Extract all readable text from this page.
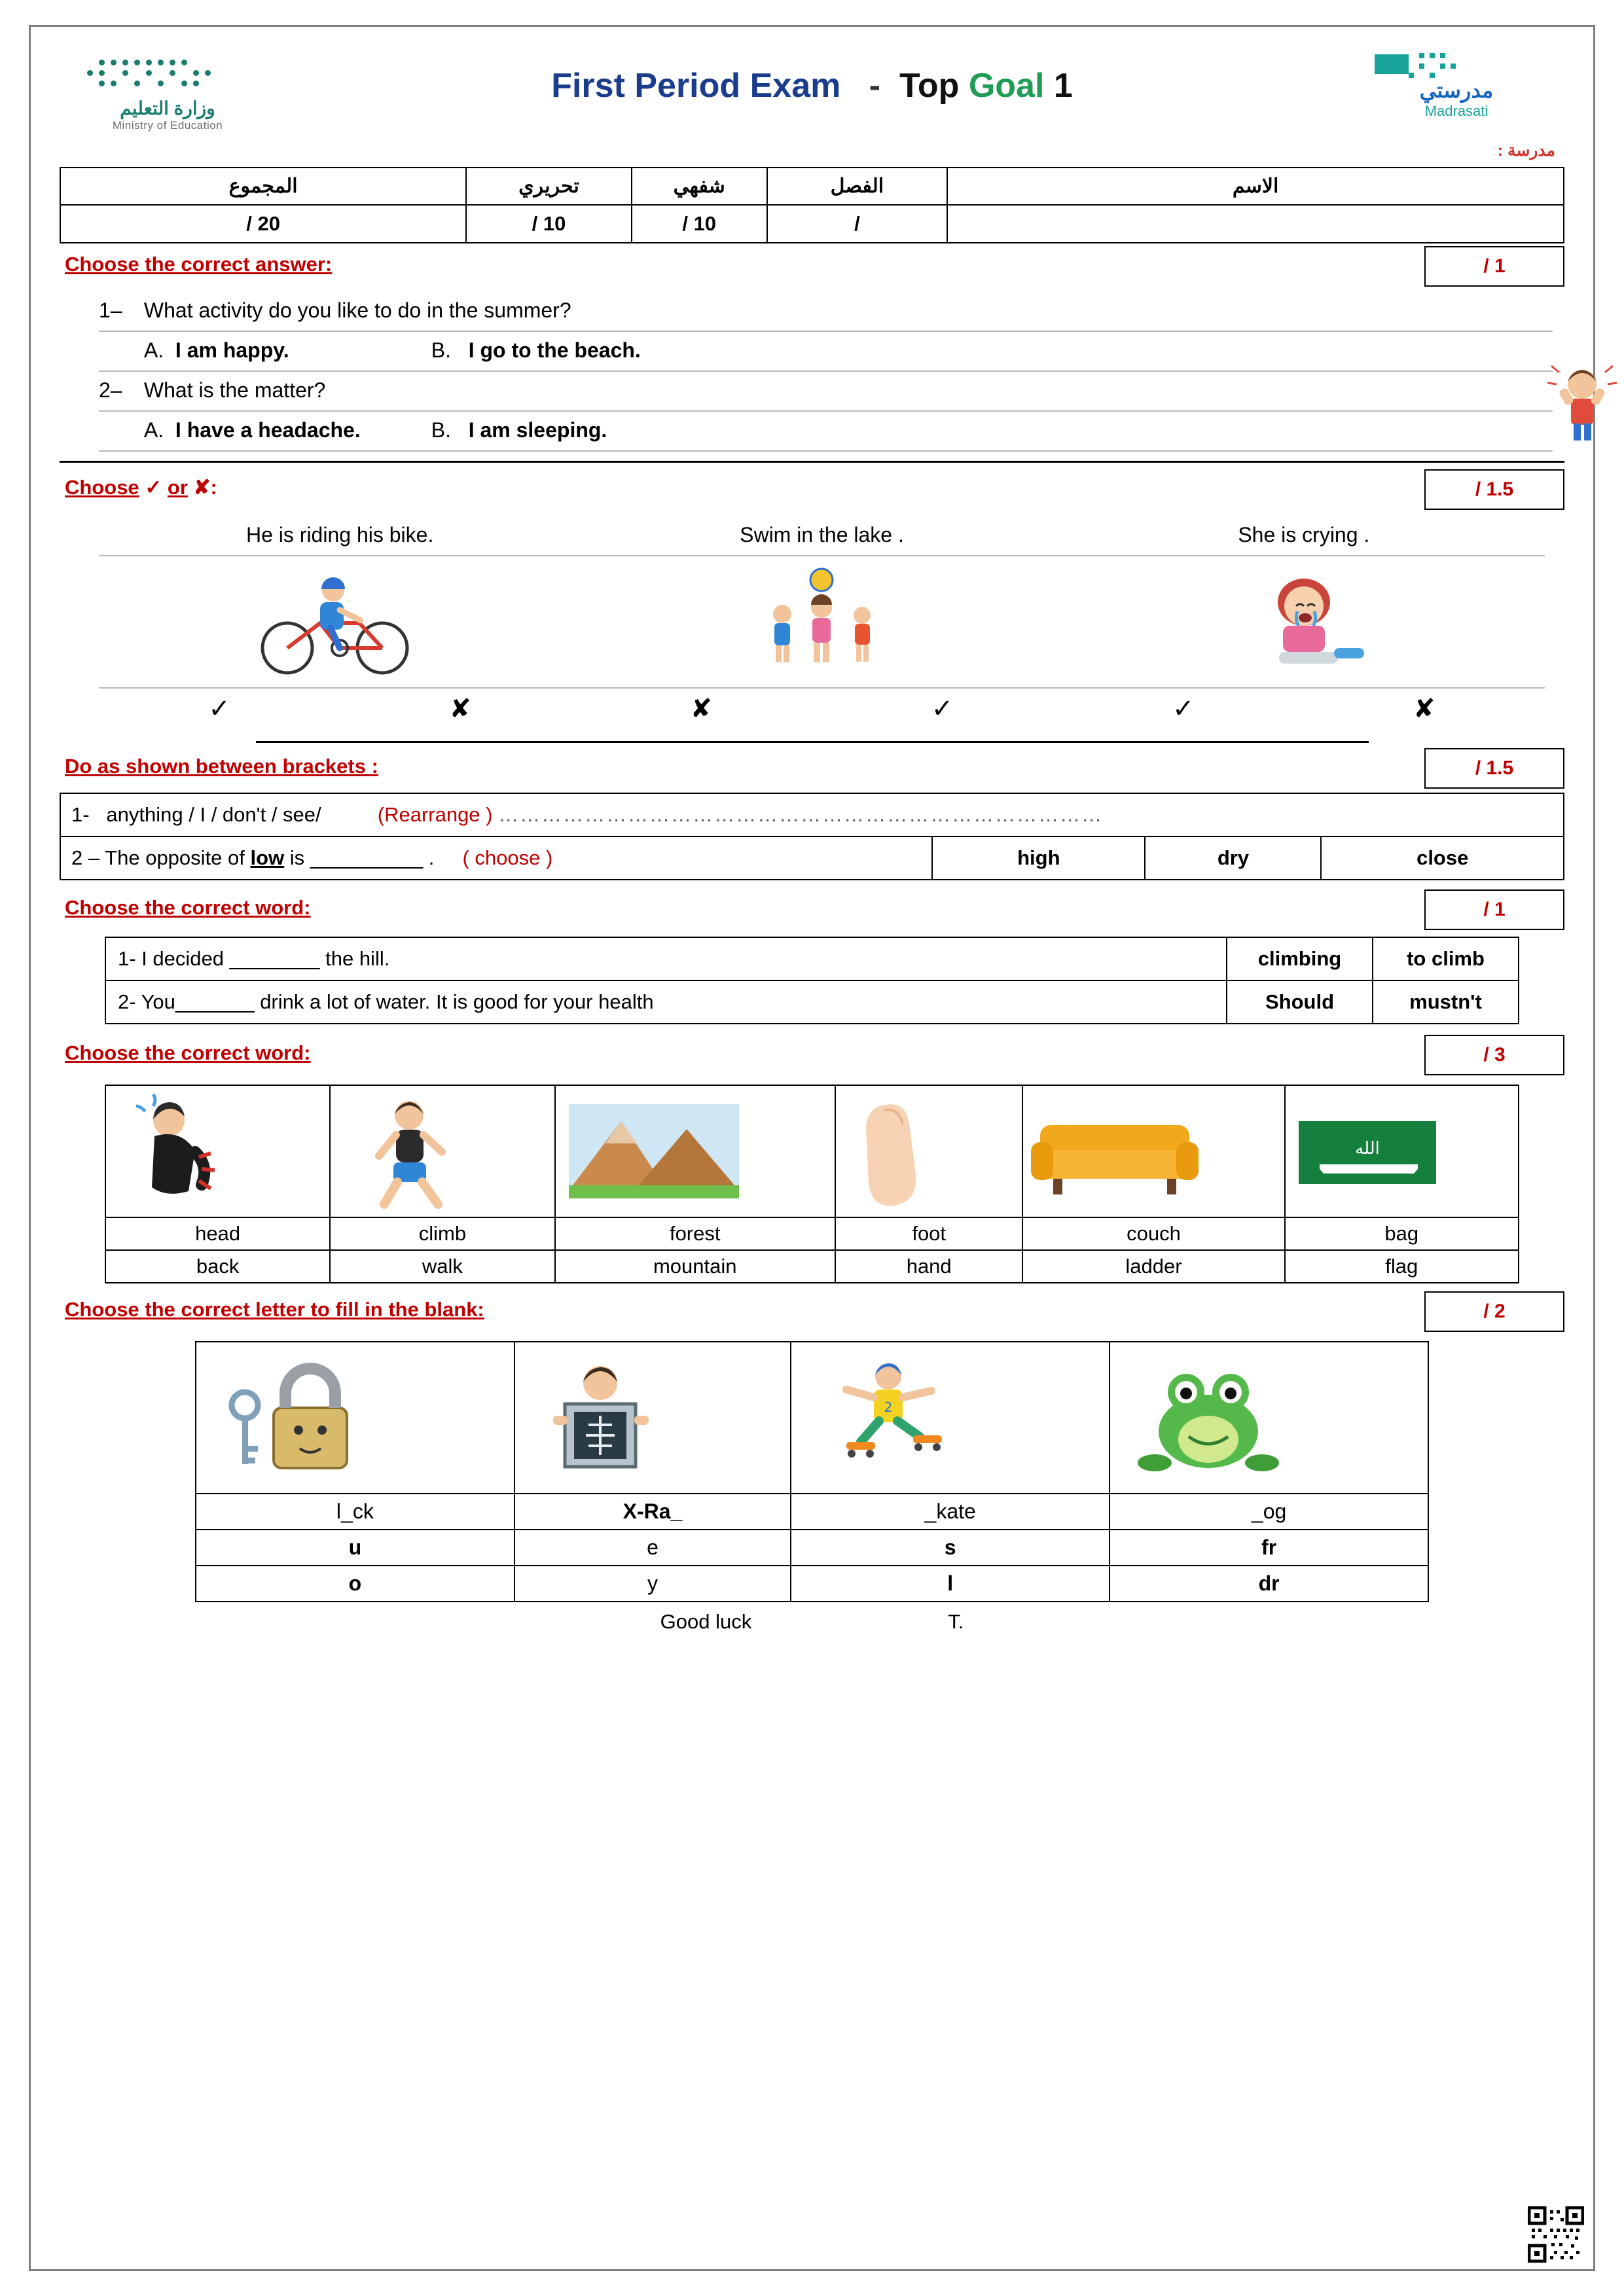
وزارة التعليم
Ministry of Education
First Period Exam - Top Goal 1	مدرستي
Madrasati
مدرسة :
المجموع	تحريري	شفهي	الفصل	الاسم
/ 20	/ 10	/ 10	/	
Choose the correct answer:	/ 1
1– What activity do you like to do in the summer?
A. I am happy.	B. I go to the beach.
2– What is the matter?
A. I have a headache.	B. I am sleeping.
Choose ✓ or ✘:	/ 1.5
He is riding his bike.	Swim in the lake .	She is crying .
✓	✘	✘	✓	✓	✘
Do as shown between brackets :	/ 1.5
1- anything / I / don't / see/	(Rearrange ) …………………………………………………………………………
2 – The opposite of low is __________ . ( choose )	high	dry	close
Choose the correct word:	/ 1
1- I decided ________ the hill.	climbing	to climb
2- You_______ drink a lot of water. It is good for your health	Should	mustn't
Choose the correct word:	/ 3

الله

head	climb	forest	foot	couch	bag
back	walk	mountain	hand	ladder	flag
Choose the correct letter to fill in the blank:	/ 2

2

l_ck	X-Ra_	_kate	_og
u	e	s	fr
o	y	l	dr
Good luck	T.
